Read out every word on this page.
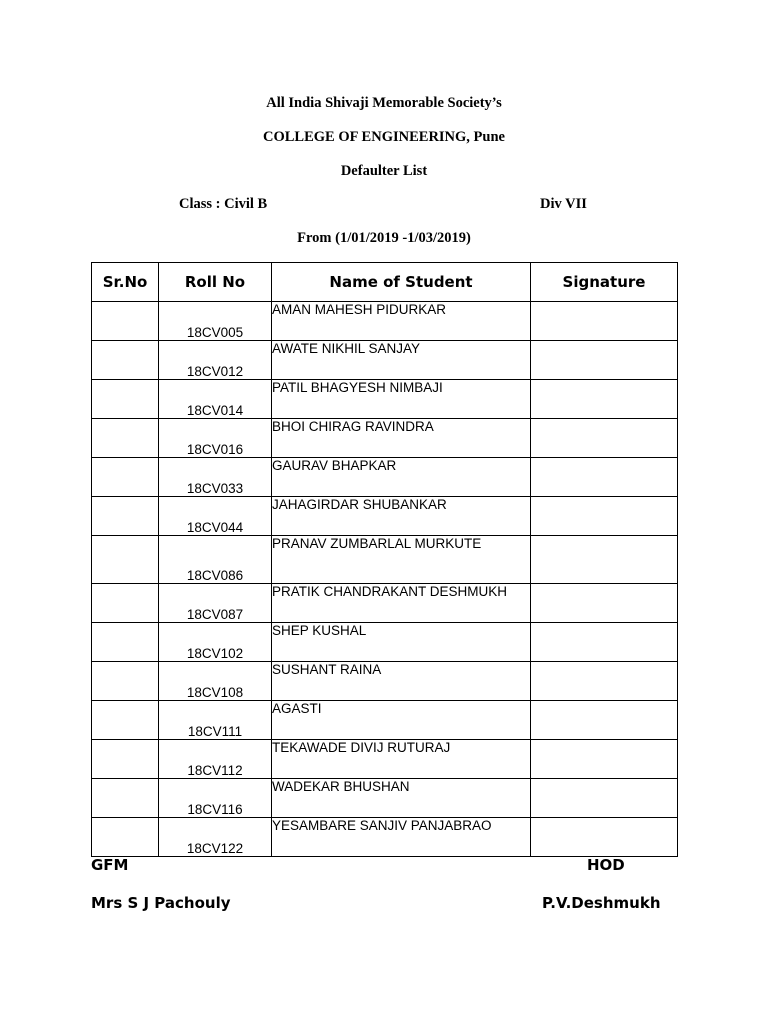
All India Shivaji Memorable Society’s
COLLEGE OF ENGINEERING, Pune
Defaulter List
Class : Civil B	Div VII
From (1/01/2019 -1/03/2019)
Sr.No	Roll No	Name of Student	Signature
	18CV005	AMAN MAHESH PIDURKAR	
	18CV012	AWATE NIKHIL SANJAY	
	18CV014	PATIL BHAGYESH NIMBAJI	
	18CV016	BHOI CHIRAG RAVINDRA	
	18CV033	GAURAV BHAPKAR	
	18CV044	JAHAGIRDAR SHUBANKAR	
	18CV086	PRANAV ZUMBARLAL MURKUTE	
	18CV087	PRATIK CHANDRAKANT DESHMUKH	
	18CV102	SHEP KUSHAL	
	18CV108	SUSHANT RAINA	
	18CV111	AGASTI	
	18CV112	TEKAWADE DIVIJ RUTURAJ	
	18CV116	WADEKAR BHUSHAN	
	18CV122	YESAMBARE SANJIV PANJABRAO	
GFM
Mrs S J Pachouly
HOD
P.V.Deshmukh
